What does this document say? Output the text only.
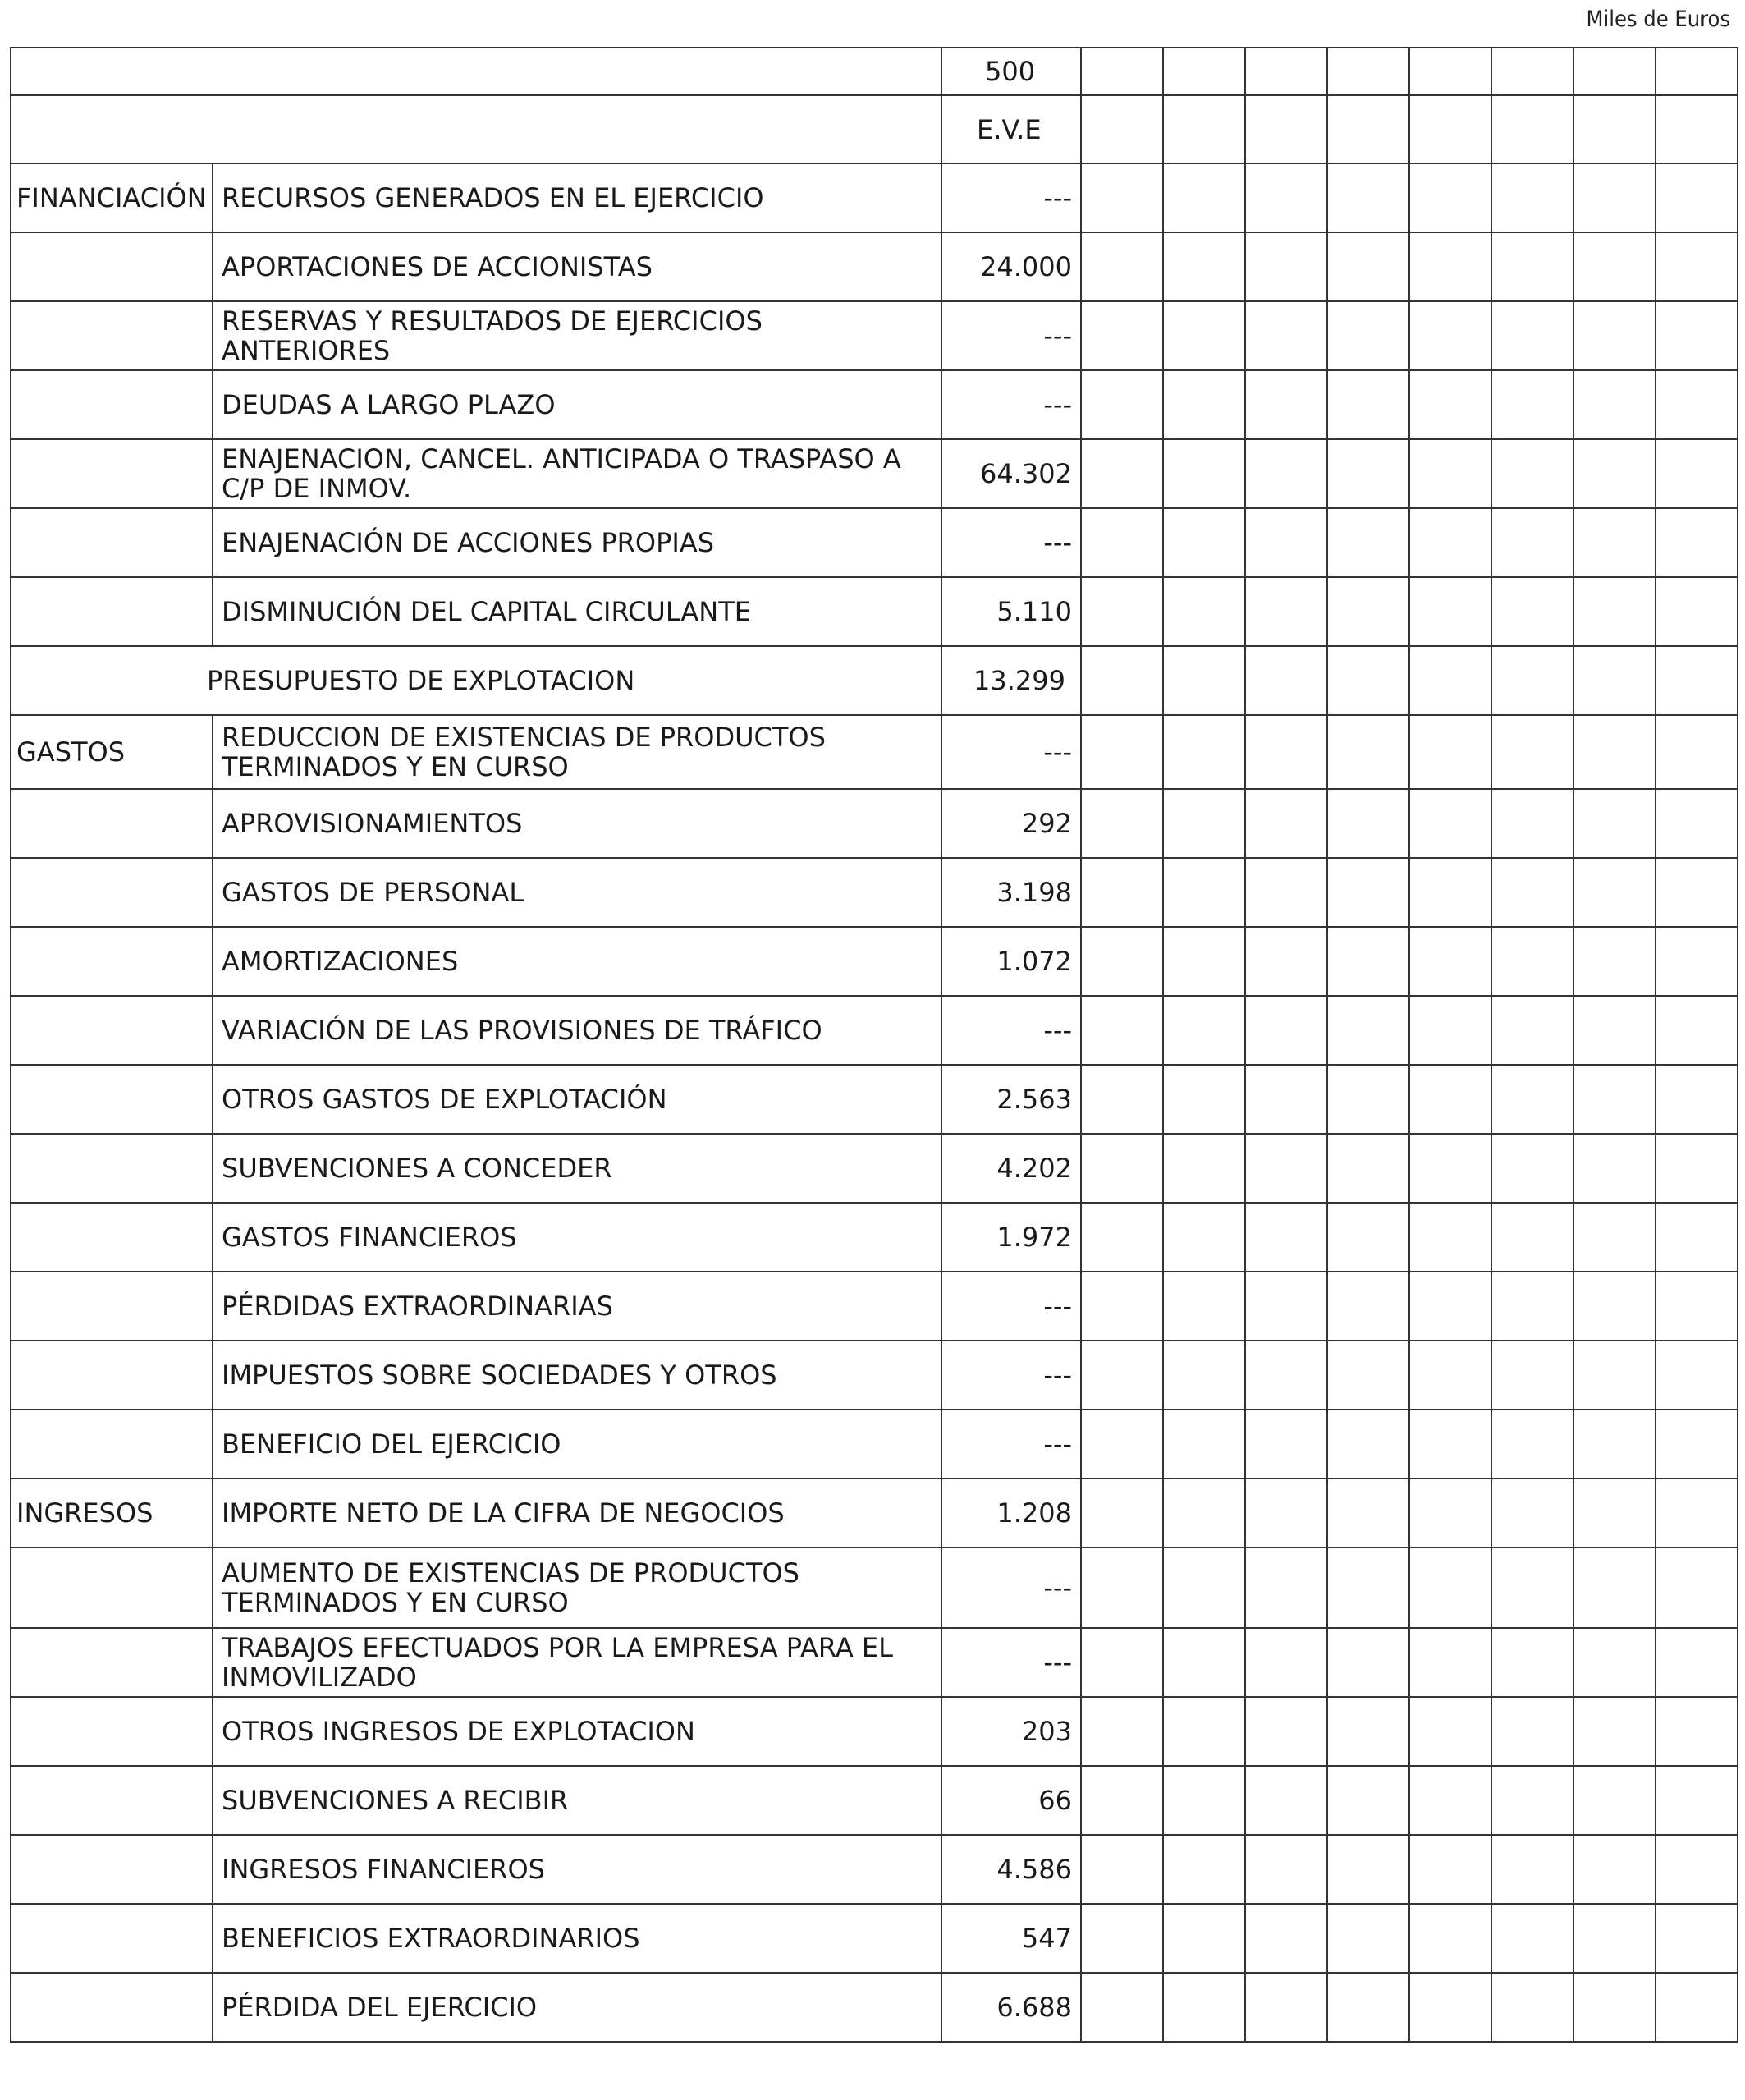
Miles de Euros
		500								
		E.V.E								
FINANCIACIÓN	RECURSOS GENERADOS EN EL EJERCICIO	---								
	APORTACIONES DE ACCIONISTAS	24.000								
	RESERVAS Y RESULTADOS DE EJERCICIOS ANTERIORES	---								
	DEUDAS A LARGO PLAZO	---								
	ENAJENACION, CANCEL. ANTICIPADA O TRASPASO A C/P DE INMOV.	64.302								
	ENAJENACIÓN DE ACCIONES PROPIAS	---								
	DISMINUCIÓN DEL CAPITAL CIRCULANTE	5.110								
PRESUPUESTO DE EXPLOTACION		13.299								
GASTOS	REDUCCION DE EXISTENCIAS DE PRODUCTOS TERMINADOS Y EN CURSO	---								
	APROVISIONAMIENTOS	292								
	GASTOS DE PERSONAL	3.198								
	AMORTIZACIONES	1.072								
	VARIACIÓN DE LAS PROVISIONES DE TRÁFICO	---								
	OTROS GASTOS DE EXPLOTACIÓN	2.563								
	SUBVENCIONES A CONCEDER	4.202								
	GASTOS FINANCIEROS	1.972								
	PÉRDIDAS EXTRAORDINARIAS	---								
	IMPUESTOS SOBRE SOCIEDADES Y OTROS	---								
	BENEFICIO DEL EJERCICIO	---								
INGRESOS	IMPORTE NETO DE LA CIFRA DE NEGOCIOS	1.208								
	AUMENTO DE EXISTENCIAS DE PRODUCTOS TERMINADOS Y EN CURSO	---								
	TRABAJOS EFECTUADOS POR LA EMPRESA PARA EL INMOVILIZADO	---								
	OTROS INGRESOS DE EXPLOTACION	203								
	SUBVENCIONES A RECIBIR	66								
	INGRESOS FINANCIEROS	4.586								
	BENEFICIOS EXTRAORDINARIOS	547								
	PÉRDIDA DEL EJERCICIO	6.688								
